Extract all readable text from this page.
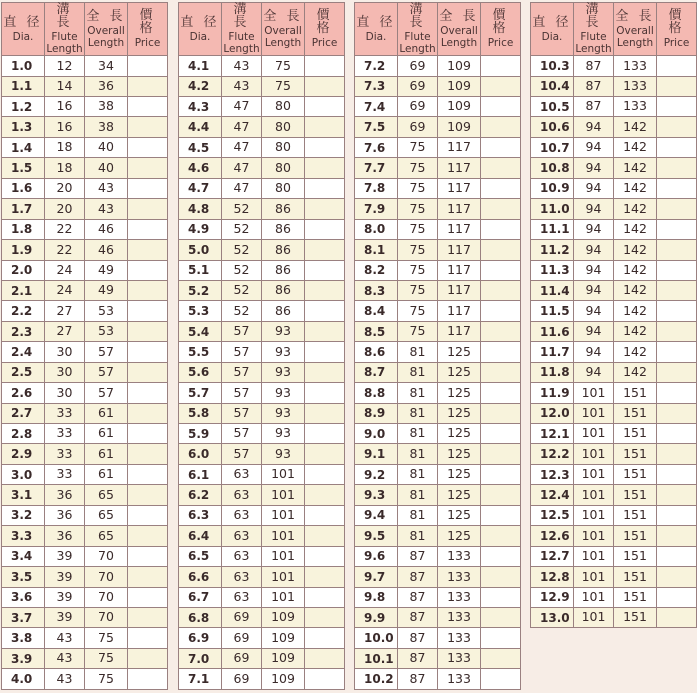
直 径
Dia.	溝 長
Flute
Length	全 長
Overall
Length	價 格
Price

1.0	12	34	
1.1	14	36	
1.2	16	38	
1.3	16	38	
1.4	18	40	
1.5	18	40	
1.6	20	43	
1.7	20	43	
1.8	22	46	
1.9	22	46	
2.0	24	49	
2.1	24	49	
2.2	27	53	
2.3	27	53	
2.4	30	57	
2.5	30	57	
2.6	30	57	
2.7	33	61	
2.8	33	61	
2.9	33	61	
3.0	33	61	
3.1	36	65	
3.2	36	65	
3.3	36	65	
3.4	39	70	
3.5	39	70	
3.6	39	70	
3.7	39	70	
3.8	43	75	
3.9	43	75	
4.0	43	75	
直 径
Dia.	溝 長
Flute
Length	全 長
Overall
Length	價 格
Price

4.1	43	75	
4.2	43	75	
4.3	47	80	
4.4	47	80	
4.5	47	80	
4.6	47	80	
4.7	47	80	
4.8	52	86	
4.9	52	86	
5.0	52	86	
5.1	52	86	
5.2	52	86	
5.3	52	86	
5.4	57	93	
5.5	57	93	
5.6	57	93	
5.7	57	93	
5.8	57	93	
5.9	57	93	
6.0	57	93	
6.1	63	101	
6.2	63	101	
6.3	63	101	
6.4	63	101	
6.5	63	101	
6.6	63	101	
6.7	63	101	
6.8	69	109	
6.9	69	109	
7.0	69	109	
7.1	69	109	
直 径
Dia.	溝 長
Flute
Length	全 長
Overall
Length	價 格
Price

7.2	69	109	
7.3	69	109	
7.4	69	109	
7.5	69	109	
7.6	75	117	
7.7	75	117	
7.8	75	117	
7.9	75	117	
8.0	75	117	
8.1	75	117	
8.2	75	117	
8.3	75	117	
8.4	75	117	
8.5	75	117	
8.6	81	125	
8.7	81	125	
8.8	81	125	
8.9	81	125	
9.0	81	125	
9.1	81	125	
9.2	81	125	
9.3	81	125	
9.4	81	125	
9.5	81	125	
9.6	87	133	
9.7	87	133	
9.8	87	133	
9.9	87	133	
10.0	87	133	
10.1	87	133	
10.2	87	133	
直 径
Dia.	溝 長
Flute
Length	全 長
Overall
Length	價 格
Price

10.3	87	133	
10.4	87	133	
10.5	87	133	
10.6	94	142	
10.7	94	142	
10.8	94	142	
10.9	94	142	
11.0	94	142	
11.1	94	142	
11.2	94	142	
11.3	94	142	
11.4	94	142	
11.5	94	142	
11.6	94	142	
11.7	94	142	
11.8	94	142	
11.9	101	151	
12.0	101	151	
12.1	101	151	
12.2	101	151	
12.3	101	151	
12.4	101	151	
12.5	101	151	
12.6	101	151	
12.7	101	151	
12.8	101	151	
12.9	101	151	
13.0	101	151	
